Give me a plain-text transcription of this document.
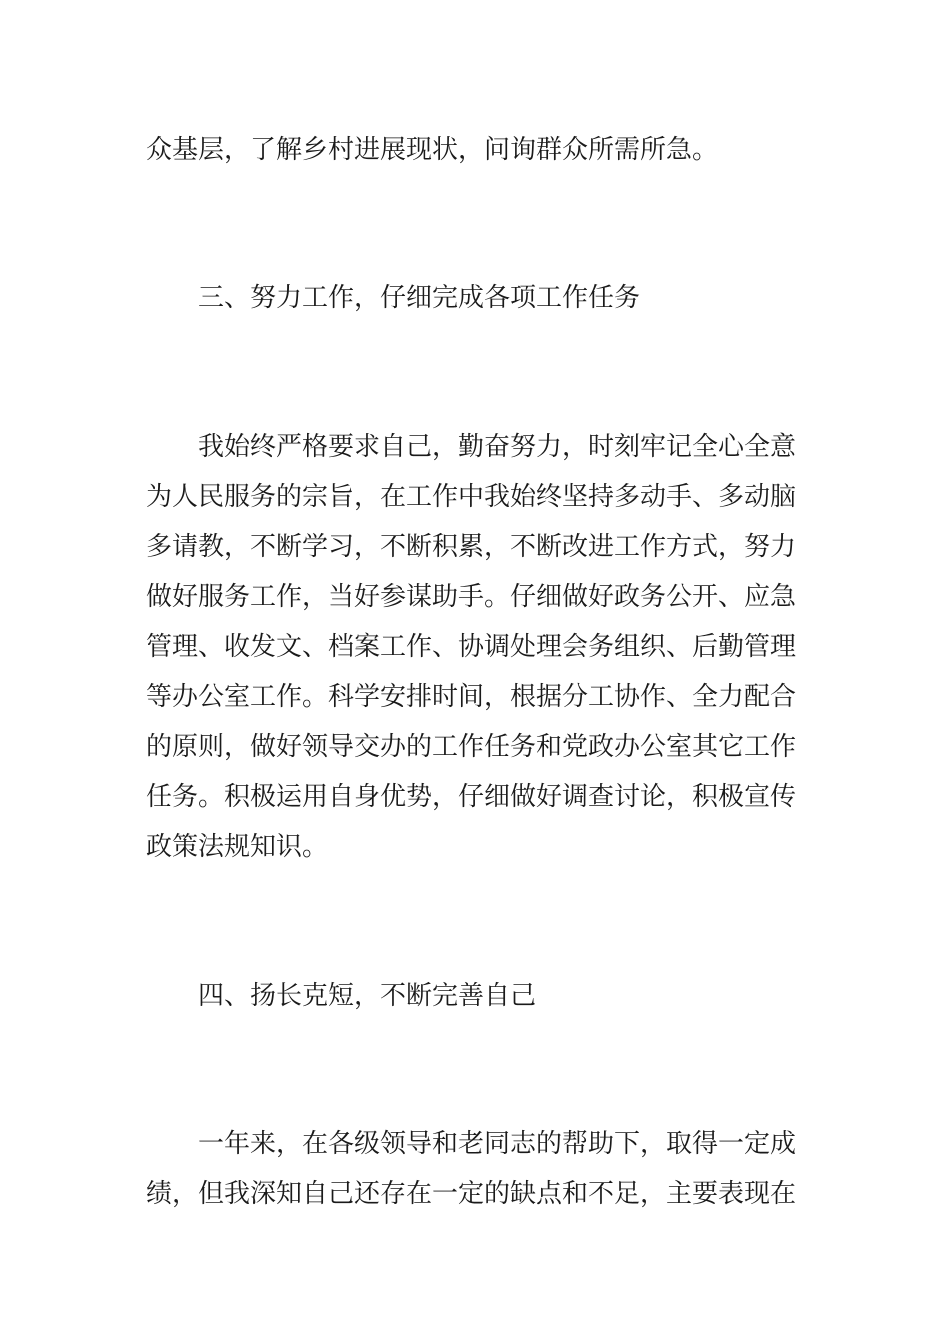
众基层，了解乡村进展现状，问询群众所需所急。
三、努力工作，仔细完成各项工作任务
我始终严格要求自己，勤奋努力，时刻牢记全心全意
为人民服务的宗旨，在工作中我始终坚持多动手、多动脑
多请教，不断学习，不断积累，不断改进工作方式，努力
做好服务工作，当好参谋助手。仔细做好政务公开、应急
管理、收发文、档案工作、协调处理会务组织、后勤管理
等办公室工作。科学安排时间，根据分工协作、全力配合
的原则，做好领导交办的工作任务和党政办公室其它工作
任务。积极运用自身优势，仔细做好调查讨论，积极宣传
政策法规知识。
四、扬长克短，不断完善自己
一年来，在各级领导和老同志的帮助下，取得一定成
绩，但我深知自己还存在一定的缺点和不足，主要表现在
